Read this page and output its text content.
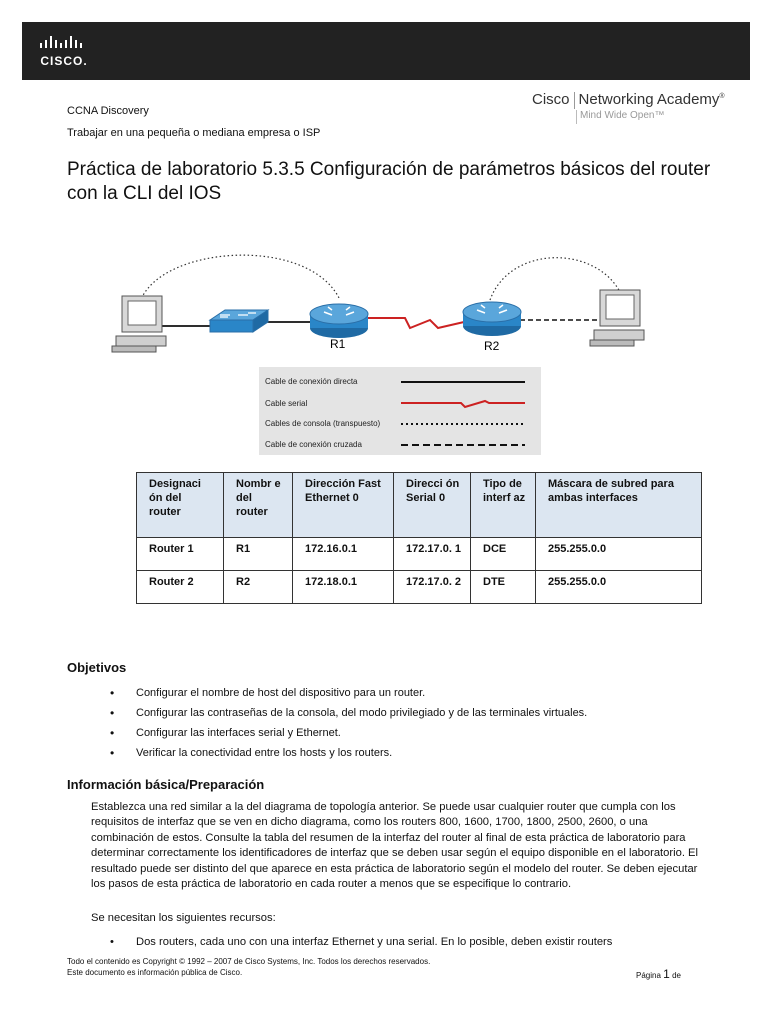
CISCO.
CCNA Discovery
Trabajar en una pequeña o mediana empresa o ISP
Cisco Networking Academy®
Mind Wide Open™
Práctica de laboratorio 5.3.5 Configuración de parámetros básicos del router con la CLI del IOS
R1	R2
Cable de conexión directa
Cable serial
Cables de consola (transpuesto)
Cable de conexión cruzada
Designaci ón del router	Nombr e del router	Dirección Fast Ethernet 0	Direcci ón Serial 0	Tipo de interf az	Máscara de subred para ambas interfaces
Router 1	R1	172.16.0.1	172.17.0. 1	DCE	255.255.0.0
Router 2	R2	172.18.0.1	172.17.0. 2	DTE	255.255.0.0
Objetivos
• Configurar el nombre de host del dispositivo para un router.
• Configurar las contraseñas de la consola, del modo privilegiado y de las terminales virtuales.
• Configurar las interfaces serial y Ethernet.
• Verificar la conectividad entre los hosts y los routers.
Información básica/Preparación

Establezca una red similar a la del diagrama de topología anterior. Se puede usar cualquier router que cumpla con los requisitos de interfaz que se ven en dicho diagrama, como los routers 800, 1600, 1700, 1800, 2500, 2600, o una combinación de estos. Consulte la tabla del resumen de la interfaz del router al final de esta práctica de laboratorio para determinar correctamente los identificadores de interfaz que se deben usar según el equipo disponible en el laboratorio. El resultado puede ser distinto del que aparece en esta práctica de laboratorio según el modelo del router. Se deben ejecutar los pasos de esta práctica de laboratorio en cada router a menos que se especifique lo contrario.

Se necesitan los siguientes recursos:

• Dos routers, cada uno con una interfaz Ethernet y una serial. En lo posible, deben existir routers
Todo el contenido es Copyright © 1992 – 2007 de Cisco Systems, Inc. Todos los derechos reservados.
Este documento es información pública de Cisco.	Página 1 de
